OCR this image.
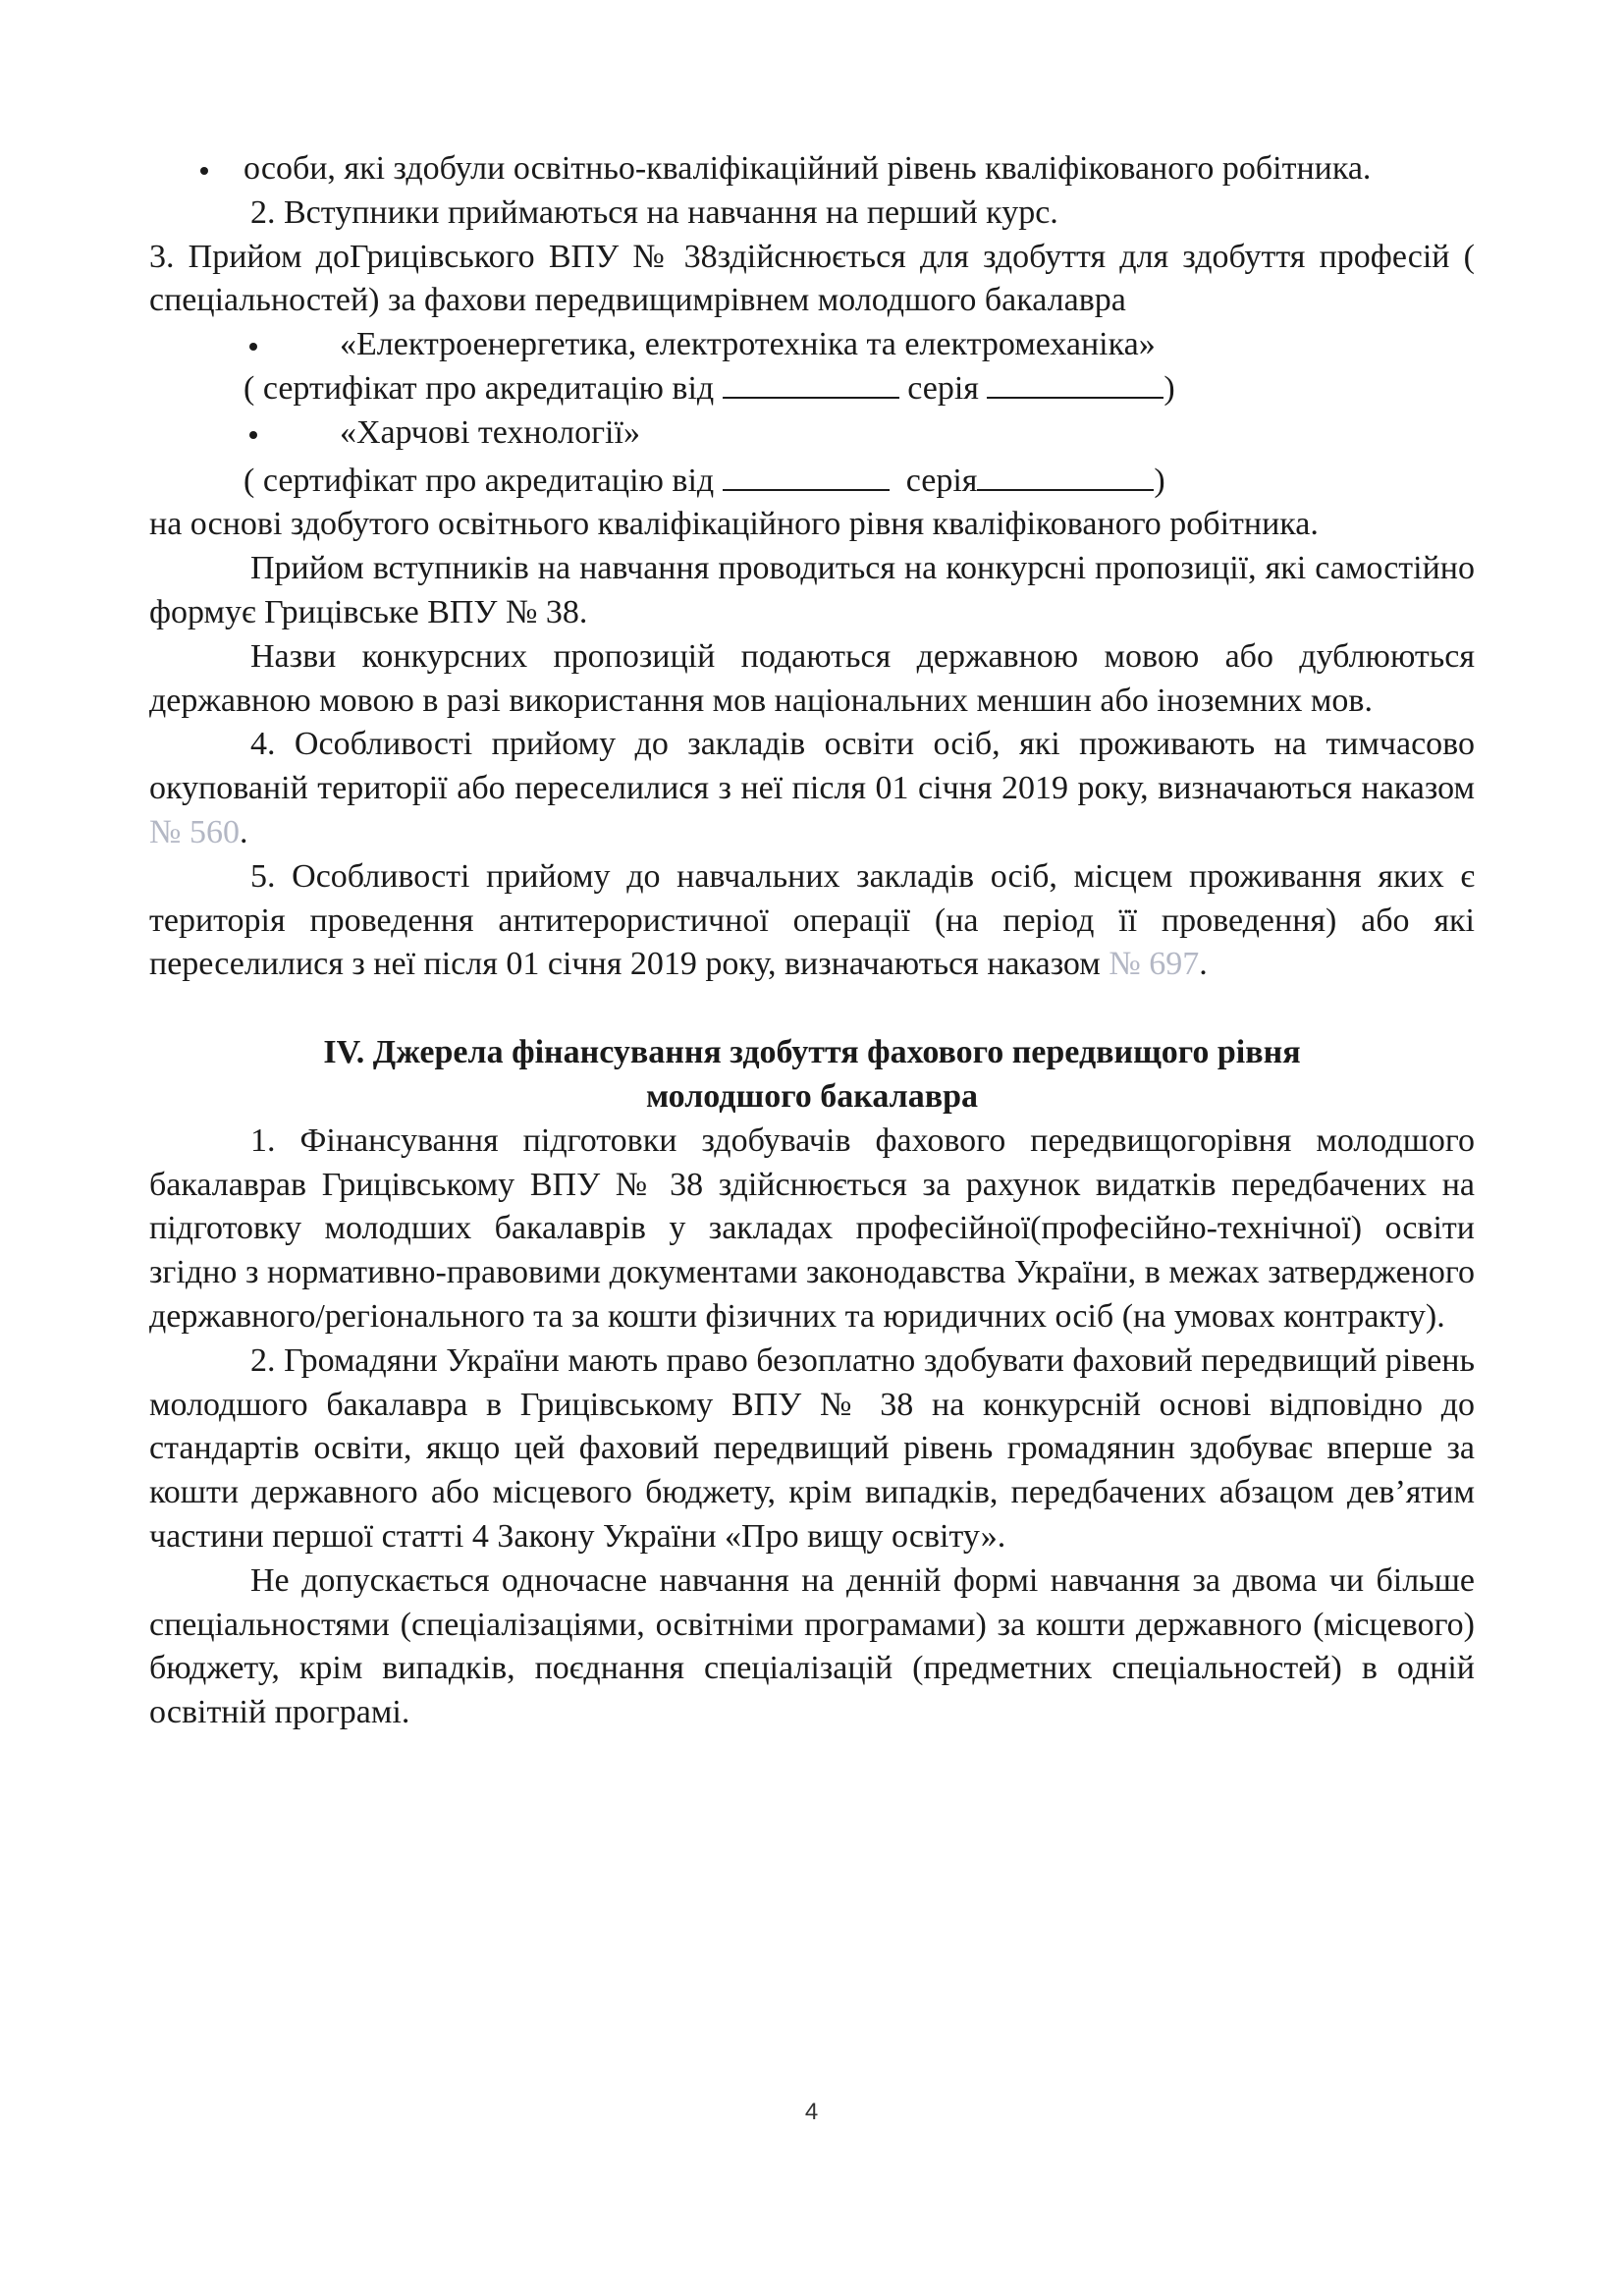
особи, які здобули освітньо-кваліфікаційний рівень кваліфікованого робітника.

2. Вступники приймаються на навчання на перший курс.

3. Прийом доГрицівського ВПУ № 38здійснюється для здобуття для здобуття професій ( спеціальностей) за фахови передвищимрівнем молодшого бакалавра

«Електроенергетика, електротехніка та електромеханіка»

( сертифікат про акредитацію від	серія	)

«Харчові технології»

( сертифікат про акредитацію від	серія	)

на основі здобутого освітнього кваліфікаційного рівня кваліфікованого робітника.

Прийом вступників на навчання проводиться на конкурсні пропозиції, які самостійно формує Грицівське ВПУ № 38.

Назви конкурсних пропозицій подаються державною мовою або дублюються державною мовою в разі використання мов національних меншин або іноземних мов.

4. Особливості прийому до закладів освіти осіб, які проживають на тимчасово окупованій території або переселилися з неї після 01 січня 2019 року, визначаються наказом № 560.

5. Особливості прийому до навчальних закладів осіб, місцем проживання яких є територія проведення антитерористичної операції (на період її проведення) або які переселилися з неї після 01 січня 2019 року, визначаються наказом № 697.

IV. Джерела фінансування здобуття фахового передвищого рівня
молодшого бакалавра

1. Фінансування підготовки здобувачів фахового передвищогорівня молодшого бакалаврав Грицівському ВПУ № 38 здійснюється за рахунок видатків передбачених на підготовку молодших бакалаврів у закладах професійної(професійно-технічної) освіти згідно з нормативно-правовими документами законодавства України, в межах затвердженого державного/регіонального та за кошти фізичних та юридичних осіб (на умовах контракту).

2. Громадяни України мають право безоплатно здобувати фаховий передвищий рівень молодшого бакалавра в Грицівському ВПУ № 38 на конкурсній основі відповідно до стандартів освіти, якщо цей фаховий передвищий рівень громадянин здобуває вперше за кошти державного або місцевого бюджету, крім випадків, передбачених абзацом дев’ятим частини першої статті 4 Закону України «Про вищу освіту».

Не допускається одночасне навчання на денній формі навчання за двома чи більше спеціальностями (спеціалізаціями, освітніми програмами) за кошти державного (місцевого) бюджету, крім випадків, поєднання спеціалізацій (предметних спеціальностей) в одній освітній програмі.

4
